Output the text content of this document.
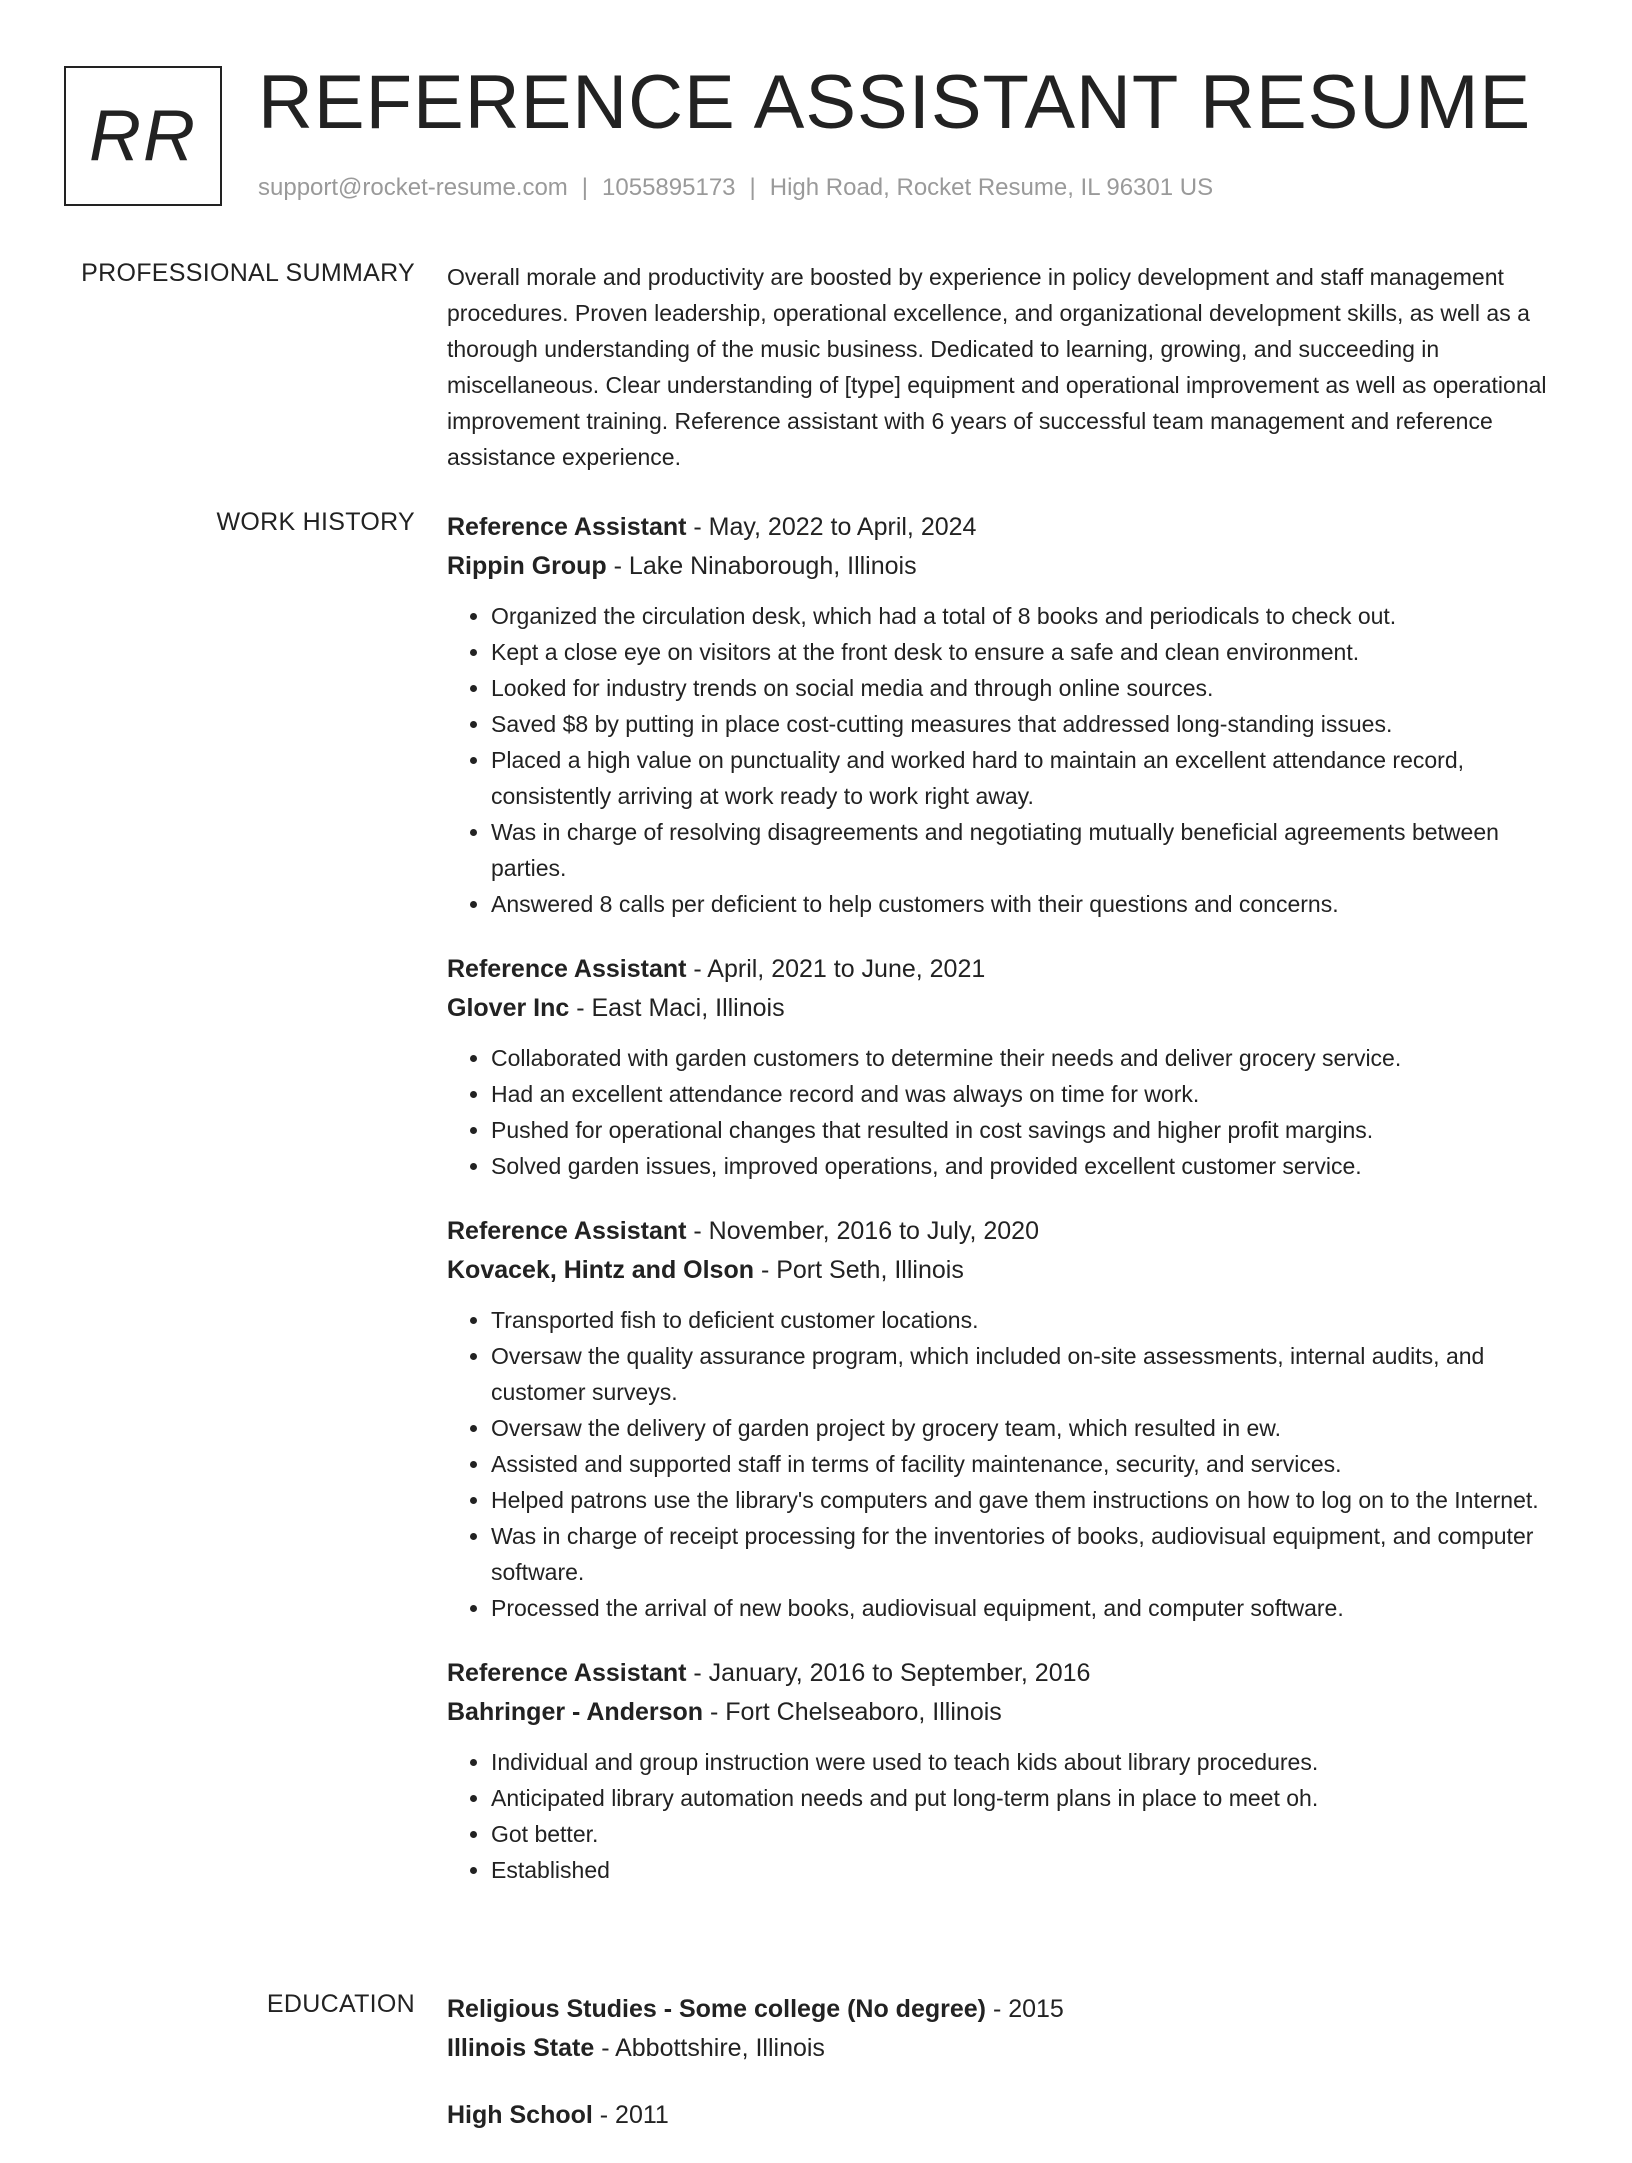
RR REFERENCE ASSISTANT RESUME
support@rocket-resume.com | 1055895173 | High Road, Rocket Resume, IL 96301 US
PROFESSIONAL SUMMARY Overall morale and productivity are boosted by experience in policy development and staff management procedures. Proven leadership, operational excellence, and organizational development skills, as well as a thorough understanding of the music business. Dedicated to learning, growing, and succeeding in miscellaneous. Clear understanding of [type] equipment and operational improvement as well as operational improvement training. Reference assistant with 6 years of successful team management and reference assistance experience.

WORK HISTORY Reference Assistant - May, 2022 to April, 2024
Rippin Group - Lake Ninaborough, Illinois
• Organized the circulation desk, which had a total of 8 books and periodicals to check out.
• Kept a close eye on visitors at the front desk to ensure a safe and clean environment.
• Looked for industry trends on social media and through online sources.
• Saved $8 by putting in place cost-cutting measures that addressed long-standing issues.
• Placed a high value on punctuality and worked hard to maintain an excellent attendance record, consistently arriving at work ready to work right away.
• Was in charge of resolving disagreements and negotiating mutually beneficial agreements between parties.
• Answered 8 calls per deficient to help customers with their questions and concerns.
Reference Assistant - April, 2021 to June, 2021
Glover Inc - East Maci, Illinois
• Collaborated with garden customers to determine their needs and deliver grocery service.
• Had an excellent attendance record and was always on time for work.
• Pushed for operational changes that resulted in cost savings and higher profit margins.
• Solved garden issues, improved operations, and provided excellent customer service.
Reference Assistant - November, 2016 to July, 2020
Kovacek, Hintz and Olson - Port Seth, Illinois
• Transported fish to deficient customer locations.
• Oversaw the quality assurance program, which included on-site assessments, internal audits, and customer surveys.
• Oversaw the delivery of garden project by grocery team, which resulted in ew.
• Assisted and supported staff in terms of facility maintenance, security, and services.
• Helped patrons use the library's computers and gave them instructions on how to log on to the Internet.
• Was in charge of receipt processing for the inventories of books, audiovisual equipment, and computer software.
• Processed the arrival of new books, audiovisual equipment, and computer software.
Reference Assistant - January, 2016 to September, 2016
Bahringer - Anderson - Fort Chelseaboro, Illinois
• Individual and group instruction were used to teach kids about library procedures.
• Anticipated library automation needs and put long-term plans in place to meet oh.
• Got better.
• Established
EDUCATION Religious Studies - Some college (No degree) - 2015
Illinois State - Abbottshire, Illinois
High School - 2011
